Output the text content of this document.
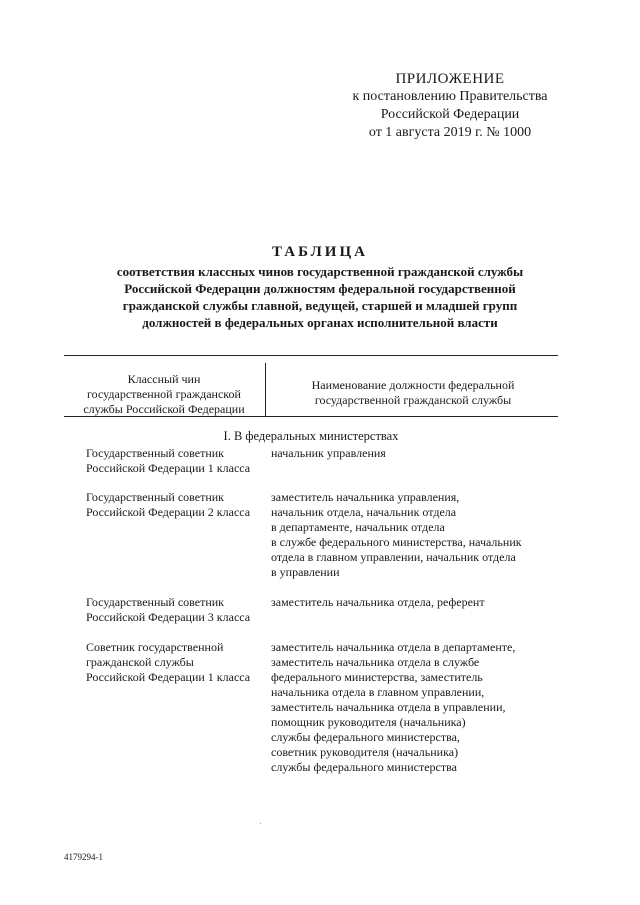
ПРИЛОЖЕНИЕ
к постановлению Правительства
Российской Федерации
от 1 августа 2019 г. № 1000
ТАБЛИЦА
соответствия классных чинов государственной гражданской службы
Российской Федерации должностям федеральной государственной
гражданской службы главной, ведущей, старшей и младшей групп
должностей в федеральных органах исполнительной власти
Классный чин
государственной гражданской
службы Российской Федерации
Наименование должности федеральной
государственной гражданской службы
I. В федеральных министерствах
Государственный советник
Российской Федерации 1 класса
начальник управления
Государственный советник
Российской Федерации 2 класса
заместитель начальника управления,
начальник отдела, начальник отдела
в департаменте, начальник отдела
в службе федерального министерства, начальник
отдела в главном управлении, начальник отдела
в управлении
Государственный советник
Российской Федерации 3 класса
заместитель начальника отдела, референт
Советник государственной
гражданской службы
Российской Федерации 1 класса
заместитель начальника отдела в департаменте,
заместитель начальника отдела в службе
федерального министерства, заместитель
начальника отдела в главном управлении,
заместитель начальника отдела в управлении,
помощник руководителя (начальника)
службы федерального министерства,
советник руководителя (начальника)
службы федерального министерства
4179294-1
